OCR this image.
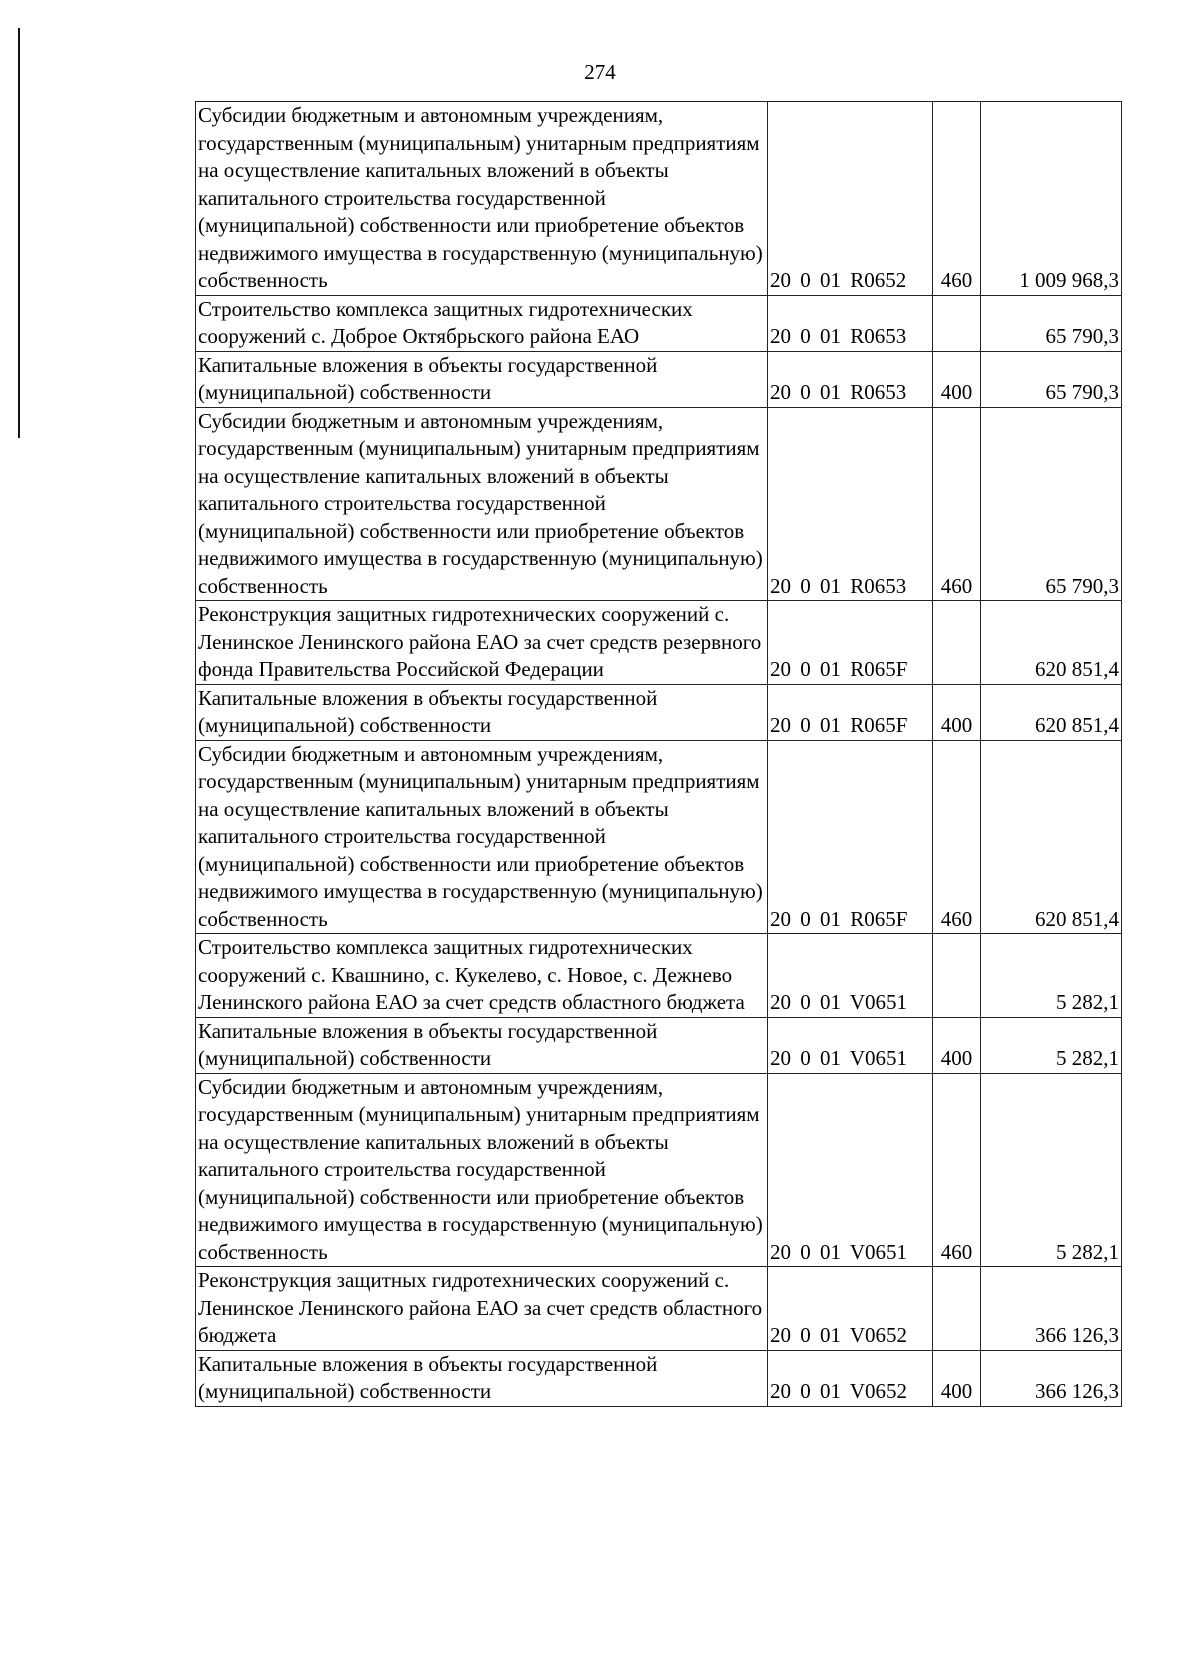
274
Субсидии бюджетным и автономным учреждениям, государственным (муниципальным) унитарным предприятиям на осуществление капитальных вложений в объекты капитального строительства государственной (муниципальной) собственности или приобретение объектов недвижимого имущества в государственную (муниципальную) собственность	20 0 01 R0652	460	1 009 968,3
Строительство комплекса защитных гидротехнических сооружений с. Доброе Октябрьского района ЕАО	20 0 01 R0653		65 790,3
Капитальные вложения в объекты государственной (муниципальной) собственности	20 0 01 R0653	400	65 790,3
Субсидии бюджетным и автономным учреждениям, государственным (муниципальным) унитарным предприятиям на осуществление капитальных вложений в объекты капитального строительства государственной (муниципальной) собственности или приобретение объектов недвижимого имущества в государственную (муниципальную) собственность	20 0 01 R0653	460	65 790,3
Реконструкция защитных гидротехнических сооружений с. Ленинское Ленинского района ЕАО за счет средств резервного фонда Правительства Российской Федерации	20 0 01 R065F		620 851,4
Капитальные вложения в объекты государственной (муниципальной) собственности	20 0 01 R065F	400	620 851,4
Субсидии бюджетным и автономным учреждениям, государственным (муниципальным) унитарным предприятиям на осуществление капитальных вложений в объекты капитального строительства государственной (муниципальной) собственности или приобретение объектов недвижимого имущества в государственную (муниципальную) собственность	20 0 01 R065F	460	620 851,4
Строительство комплекса защитных гидротехнических сооружений с. Квашнино, с. Кукелево, с. Новое, с. Дежнево Ленинского района ЕАО за счет средств областного бюджета	20 0 01 V0651		5 282,1
Капитальные вложения в объекты государственной (муниципальной) собственности	20 0 01 V0651	400	5 282,1
Субсидии бюджетным и автономным учреждениям, государственным (муниципальным) унитарным предприятиям на осуществление капитальных вложений в объекты капитального строительства государственной (муниципальной) собственности или приобретение объектов недвижимого имущества в государственную (муниципальную) собственность	20 0 01 V0651	460	5 282,1
Реконструкция защитных гидротехнических сооружений с. Ленинское Ленинского района ЕАО за счет средств областного бюджета	20 0 01 V0652		366 126,3
Капитальные вложения в объекты государственной (муниципальной) собственности	20 0 01 V0652	400	366 126,3
